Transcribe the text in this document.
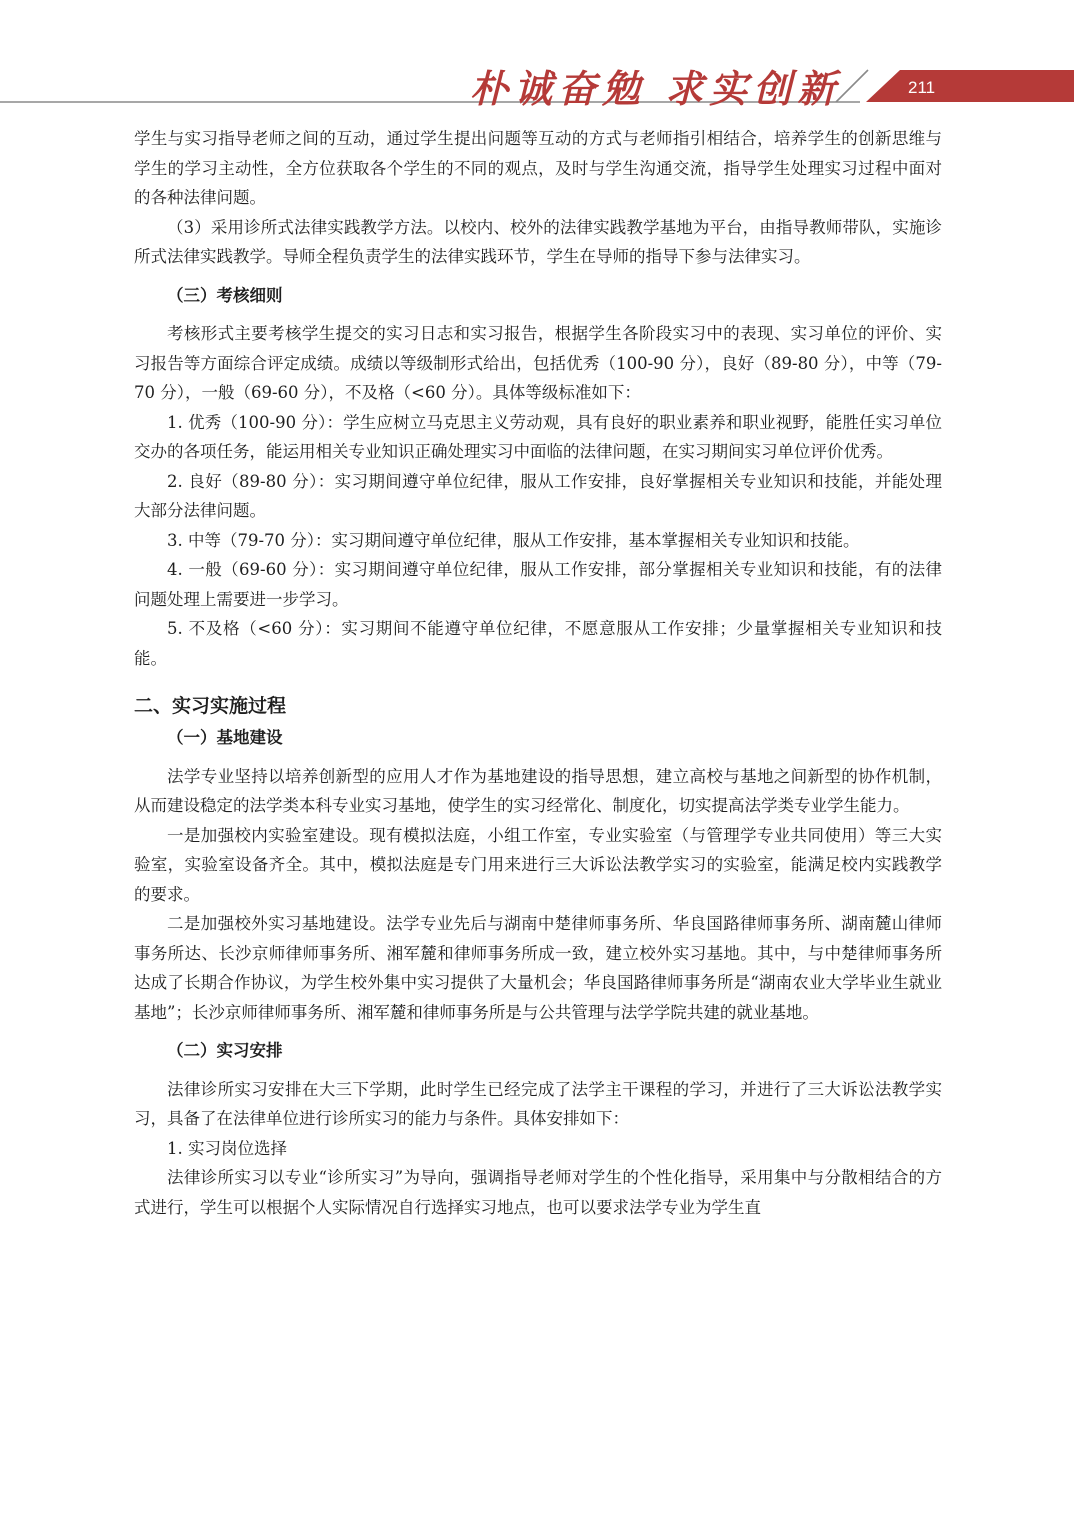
朴诚奋勉 求实创新	211

学生与实习指导老师之间的互动，通过学生提出问题等互动的方式与老师指引相结合，培养学生的创新思维与学生的学习主动性，全方位获取各个学生的不同的观点，及时与学生沟通交流，指导学生处理实习过程中面对的各种法律问题。

（3）采用诊所式法律实践教学方法。以校内、校外的法律实践教学基地为平台，由指导教师带队，实施诊所式法律实践教学。导师全程负责学生的法律实践环节，学生在导师的指导下参与法律实习。

（三）考核细则

考核形式主要考核学生提交的实习日志和实习报告，根据学生各阶段实习中的表现、实习单位的评价、实习报告等方面综合评定成绩。成绩以等级制形式给出，包括优秀（100-90 分），良好（89-80 分），中等（79-70 分），一般（69-60 分），不及格（<60 分）。具体等级标准如下：

1. 优秀（100-90 分）：学生应树立马克思主义劳动观，具有良好的职业素养和职业视野，能胜任实习单位交办的各项任务，能运用相关专业知识正确处理实习中面临的法律问题，在实习期间实习单位评价优秀。

2. 良好（89-80 分）：实习期间遵守单位纪律，服从工作安排，良好掌握相关专业知识和技能，并能处理大部分法律问题。

3. 中等（79-70 分）：实习期间遵守单位纪律，服从工作安排，基本掌握相关专业知识和技能。

4. 一般（69-60 分）：实习期间遵守单位纪律，服从工作安排，部分掌握相关专业知识和技能，有的法律问题处理上需要进一步学习。

5. 不及格（<60 分）：实习期间不能遵守单位纪律，不愿意服从工作安排；少量掌握相关专业知识和技能。

二、实习实施过程
（一）基地建设

法学专业坚持以培养创新型的应用人才作为基地建设的指导思想，建立高校与基地之间新型的协作机制，从而建设稳定的法学类本科专业实习基地，使学生的实习经常化、制度化，切实提高法学类专业学生能力。

一是加强校内实验室建设。现有模拟法庭，小组工作室，专业实验室（与管理学专业共同使用）等三大实验室，实验室设备齐全。其中，模拟法庭是专门用来进行三大诉讼法教学实习的实验室，能满足校内实践教学的要求。

二是加强校外实习基地建设。法学专业先后与湖南中楚律师事务所、华良国路律师事务所、湖南麓山律师事务所达、长沙京师律师事务所、湘军麓和律师事务所成一致，建立校外实习基地。其中，与中楚律师事务所达成了长期合作协议，为学生校外集中实习提供了大量机会；华良国路律师事务所是“湖南农业大学毕业生就业基地”；长沙京师律师事务所、湘军麓和律师事务所是与公共管理与法学学院共建的就业基地。

（二）实习安排

法律诊所实习安排在大三下学期，此时学生已经完成了法学主干课程的学习，并进行了三大诉讼法教学实习，具备了在法律单位进行诊所实习的能力与条件。具体安排如下：

1. 实习岗位选择

法律诊所实习以专业“诊所实习”为导向，强调指导老师对学生的个性化指导，采用集中与分散相结合的方式进行，学生可以根据个人实际情况自行选择实习地点，也可以要求法学专业为学生直
